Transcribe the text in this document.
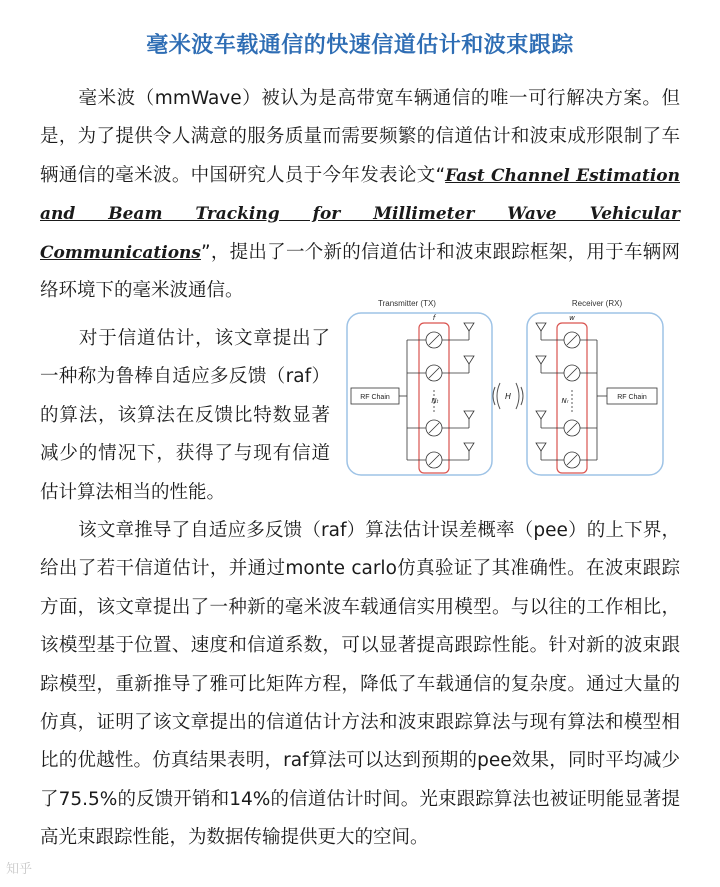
毫米波车载通信的快速信道估计和波束跟踪

毫米波（mmWave）被认为是高带宽车辆通信的唯一可行解决方案。但是，为了提供令人满意的服务质量而需要频繁的信道估计和波束成形限制了车辆通信的毫米波。中国研究人员于今年发表论文“Fast Channel Estimation and Beam Tracking for Millimeter Wave Vehicular Communications”，提出了一个新的信道估计和波束跟踪框架，用于车辆网络环境下的毫米波通信。

对于信道估计，该文章提出了一种称为鲁棒自适应多反馈（raf）的算法，该算法在反馈比特数显著减少的情况下，获得了与现有信道估计算法相当的性能。

Transmitter (TX)
RF Chain
f
Nₜ	H
Receiver (RX)
RF Chain
w
Nᵣ

该文章推导了自适应多反馈（raf）算法估计误差概率（pee）的上下界，给出了若干信道估计，并通过monte carlo仿真验证了其准确性。在波束跟踪方面，该文章提出了一种新的毫米波车载通信实用模型。与以往的工作相比，该模型基于位置、速度和信道系数，可以显著提高跟踪性能。针对新的波束跟踪模型，重新推导了雅可比矩阵方程，降低了车载通信的复杂度。通过大量的仿真，证明了该文章提出的信道估计方法和波束跟踪算法与现有算法和模型相比的优越性。仿真结果表明，raf算法可以达到预期的pee效果，同时平均减少了75.5%的反馈开销和14%的信道估计时间。光束跟踪算法也被证明能显著提高光束跟踪性能，为数据传输提供更大的空间。

知乎
